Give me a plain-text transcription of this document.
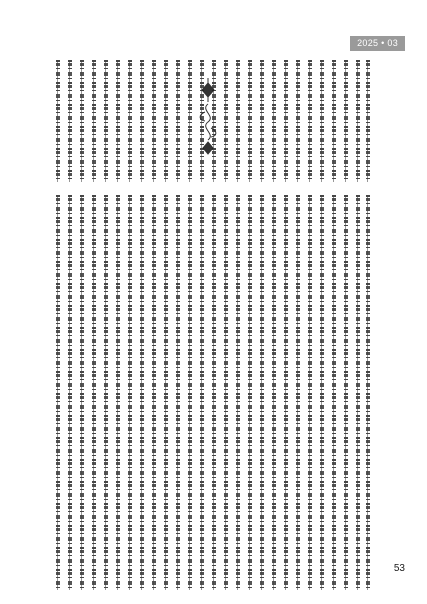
2025 • 03
53
